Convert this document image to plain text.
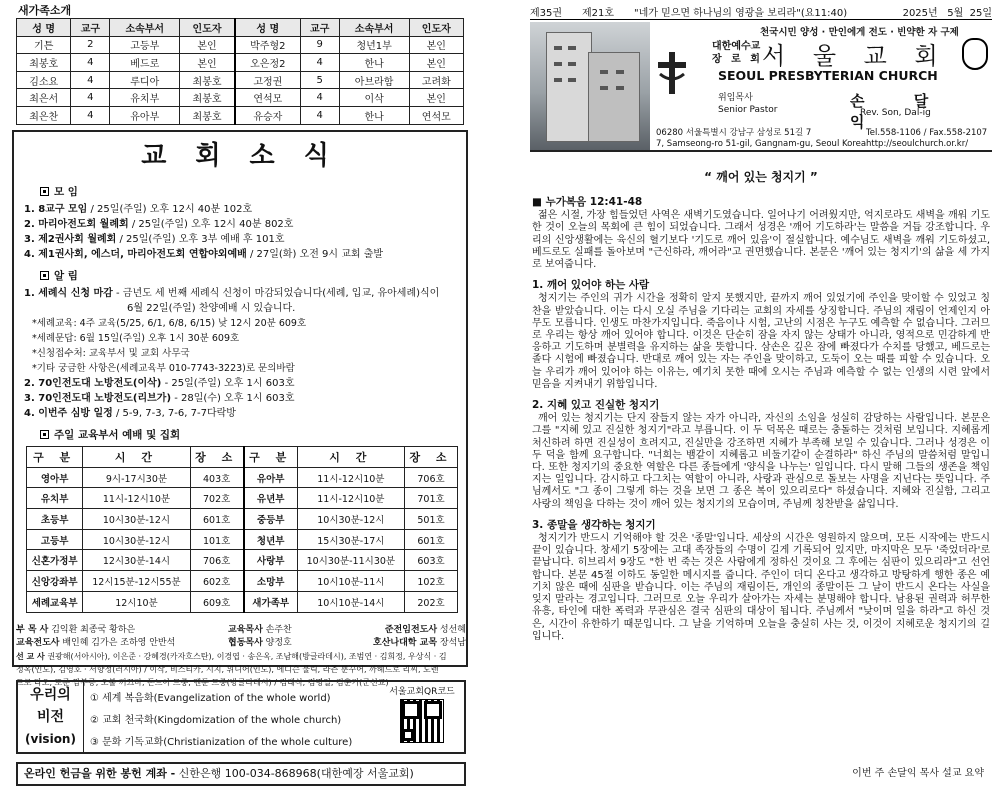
새가족소개
성 명	교구	소속부서	인도자	성 명	교구	소속부서	인도자
기튼	2	고등부	본인	박주형2	9	청년1부	본인
최봉호	4	베드로	본인	오은정2	4	한나	본인
김소요	4	루디아	최봉호	고정권	5	아브라함	고려화
최은서	4	유치부	최봉호	연석모	4	이삭	본인
최은찬	4	유아부	최봉호	유승자	4	한나	연석모
교 회 소 식
모 임
1. 8교구 모임 / 25일(주일) 오후 12시 40분 102호
2. 마리아전도회 월례회 / 25일(주일) 오후 12시 40분 802호
3. 제2권사회 월례회 / 25일(주일) 오후 3부 예배 후 101호
4. 제1권사회, 에스더, 마리아전도회 연합야외예배 / 27일(화) 오전 9시 교회 출발
알 림
1. 세례식 신청 마감 - 금년도 세 번째 세례식 신청이 마감되었습니다(세례, 입교, 유아세례)식이
6월 22일(주일) 찬양예배 시 있습니다.
*세례교육: 4주 교육(5/25, 6/1, 6/8, 6/15) 낮 12시 20분 609호
*세례문답: 6월 15일(주일) 오후 1시 30분 609호
*신청접수처: 교육부서 및 교회 사무국
*기타 궁금한 사항은(세례교육부 010-7743-3223)로 문의바람
2. 70인전도대 노방전도(이삭) - 25일(주일) 오후 1시 603호
3. 70인전도대 노방전도(리브가) - 28일(수) 오후 1시 603호
4. 이번주 심방 일정 / 5-9, 7-3, 7-6, 7-7다락방
주일 교육부서 예배 및 집회
구 분	시 간	장 소	구 분	시 간	장 소
영아부	9시-17시30분	403호	유아부	11시-12시10분	706호
유치부	11시-12시10분	702호	유년부	11시-12시10분	701호
초등부	10시30분-12시	601호	중등부	10시30분-12시	501호
고등부	10시30분-12시	101호	청년부	15시30분-17시	601호
신혼가정부	12시30분-14시	706호	사랑부	10시30분-11시30분	603호
신앙강좌부	12시15분-12시55분	602호	소망부	10시10분-11시	102호
세례교육부	12시10분	609호	새가족부	10시10분-14시	202호
부 목 사 김익환 최종국 황하은	교육목사 손주찬	준전임전도사 성선혜
교육전도사 배인혜 김가은 조하영 안반석	협동목사 양정호	호산나대학 교목 장석남
선 교 사 권광해(서아시아), 이은준 · 강혜경(카자흐스탄), 이경엽 · 송은옥, 조남해(방글라데시), 조범연 · 김희정, 우상식 · 김
정옥(인도), 김영호 · 서향정(러시아) / 이삭, 비스티카, 시지, 위니어(인도), 에디슨 물릭, 라즌 뿐꾸어, 까헤드로 리씨, 도렌
드로 다오, 또룬 깜부공, 오불 꺼끄마, 돈느아 므룽, 맨툰 므룽(방글라데시) / 김태식, 김명일, 김훈기(군선교)
우리의
비전
(vision)
① 세계 복음화(Evangelization of the whole world)
② 교회 천국화(Kingdomization of the whole church)
③ 문화 기독교화(Christianization of the whole culture)
서울교회QR코드
온라인 헌금을 위한 봉헌 계좌 - 신한은행 100-034-868968(대한예장 서울교회)
제35권 제21호 "네가 믿으면 하나님의 영광을 보리라"(요11:40)	2025년   5월  25일
천국시민 양성 · 만인에게 전도 · 빈약한 자 구제
대한예수교
장 로 회 서 울 교 회
SEOUL PRESBYTERIAN CHURCH
위임목사
Senior Pastor	손 달 익
Rev. Son, Dal-ig
06280 서울특별시 강남구 삼성로 51길 7
7, Samseong-ro 51-gil, Gangnam-gu, Seoul Korea
Tel.558-1106 / Fax.558-2107
http://seoulchurch.or.kr/
“ 깨어 있는 청지기 ”
■ 누가복음 12:41-48

젊은 시절, 가장 힘들었던 사역은 새벽기도였습니다. 일어나기 어려웠지만, 억지로라도 새벽을 깨워 기도한 것이 오늘의 목회에 큰 힘이 되었습니다. 그래서 성경은 '깨어 기도하라'는 말씀을 거듭 강조합니다. 우리의 신앙생활에는 육신의 혈기보다 '기도로 깨어 있음'이 절실합니다. 예수님도 새벽을 깨워 기도하셨고, 베드로도 실패를 돌아보며 "근신하라, 깨어라"고 권면했습니다. 본문은 '깨어 있는 청지기'의 삶을 세 가지로 보여줍니다.

1. 깨어 있어야 하는 사람

청지기는 주인의 귀가 시간을 정확히 알지 못했지만, 끝까지 깨어 있었기에 주인을 맞이할 수 있었고 칭찬을 받았습니다. 이는 다시 오실 주님을 기다리는 교회의 자세를 상징합니다. 주님의 재림이 언제인지 아무도 모릅니다. 인생도 마찬가지입니다. 죽음이나 시험, 고난의 시점은 누구도 예측할 수 없습니다. 그러므로 우리는 항상 깨어 있어야 합니다. 이것은 단순히 잠을 자지 않는 상태가 아니라, 영적으로 민감하게 반응하고 기도하며 분별력을 유지하는 삶을 뜻합니다. 삼손은 깊은 잠에 빠졌다가 수치를 당했고, 베드로는 졸다 시험에 빠졌습니다. 반대로 깨어 있는 자는 주인을 맞이하고, 도둑이 오는 때를 피할 수 있습니다. 오늘 우리가 깨어 있어야 하는 이유는, 예기치 못한 때에 오시는 주님과 예측할 수 없는 인생의 시련 앞에서 믿음을 지켜내기 위함입니다.

2. 지혜 있고 진실한 청지기

깨어 있는 청지기는 단지 잠들지 않는 자가 아니라, 자신의 소임을 성실히 감당하는 사람입니다. 본문은 그를 "지혜 있고 진실한 청지기"라고 부릅니다. 이 두 덕목은 때로는 충돌하는 것처럼 보입니다. 지혜롭게 처신하려 하면 진실성이 흐려지고, 진실만을 강조하면 지혜가 부족해 보일 수 있습니다. 그러나 성경은 이 두 덕을 함께 요구합니다. "너희는 뱀같이 지혜롭고 비둘기같이 순결하라" 하신 주님의 말씀처럼 말입니다. 또한 청지기의 중요한 역할은 다른 종들에게 '양식을 나누는' 일입니다. 다시 말해 그들의 생존을 책임지는 일입니다. 감시하고 다그치는 역할이 아니라, 사랑과 관심으로 돌보는 사명을 지닌다는 뜻입니다. 주님께서도 "그 종이 그렇게 하는 것을 보면 그 종은 복이 있으리로다" 하셨습니다. 지혜와 진실함, 그리고 사랑의 책임을 다하는 것이 깨어 있는 청지기의 모습이며, 주님께 칭찬받을 삶입니다.

3. 종말을 생각하는 청지기

청지기가 반드시 기억해야 할 것은 '종말'입니다. 세상의 시간은 영원하지 않으며, 모든 시작에는 반드시 끝이 있습니다. 창세기 5장에는 고대 족장들의 수명이 길게 기록되어 있지만, 마지막은 모두 '죽었더라'로 끝납니다. 히브리서 9장도 "한 번 죽는 것은 사람에게 정하신 것이요 그 후에는 심판이 있으리라"고 선언합니다. 본문 45절 이하도 동일한 메시지를 줍니다. 주인이 더디 온다고 생각하고 방탕하게 행한 종은 예기치 않은 때에 심판을 받습니다. 이는 주님의 재림이든, 개인의 종말이든 그 날이 반드시 온다는 사실을 잊지 말라는 경고입니다. 그러므로 오늘 우리가 살아가는 자세는 분명해야 합니다. 남용된 권력과 허무한 유흥, 타인에 대한 폭력과 무관심은 결국 심판의 대상이 됩니다. 주님께서 "낮이며 일을 하라"고 하신 것은, 시간이 유한하기 때문입니다. 그 날을 기억하며 오늘을 충실히 사는 것, 이것이 지혜로운 청지기의 길입니다.

이번 주 손달익 목사 설교 요약
